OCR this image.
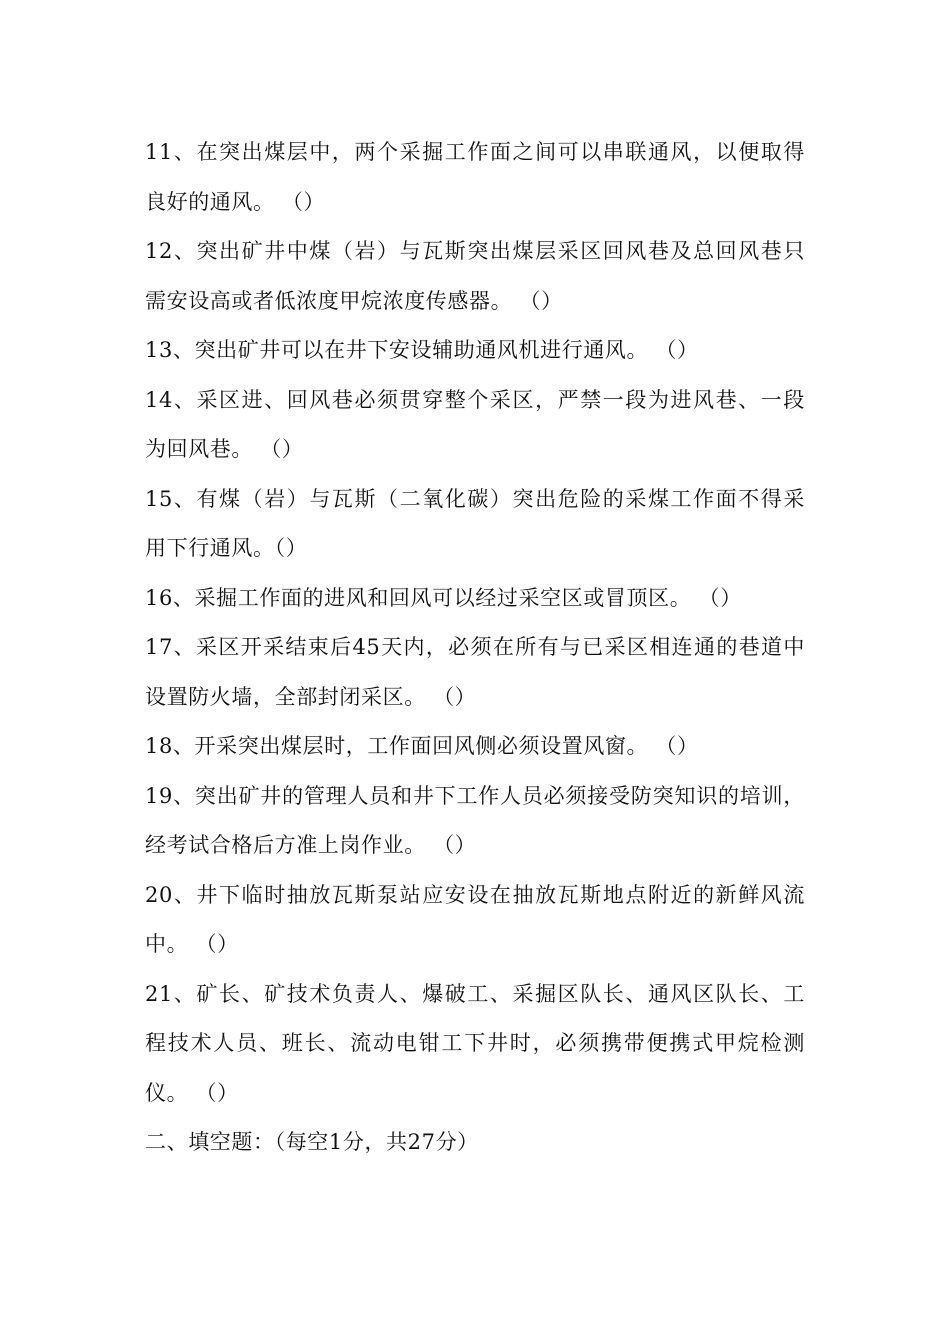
11、在突出煤层中，两个采掘工作面之间可以串联通风，以便取得
良好的通风。 （）
12、突出矿井中煤（岩）与瓦斯突出煤层采区回风巷及总回风巷只
需安设高或者低浓度甲烷浓度传感器。 （）
13、突出矿井可以在井下安设辅助通风机进行通风。 （）
14、采区进、回风巷必须贯穿整个采区，严禁一段为进风巷、一段
为回风巷。 （）
15、有煤（岩）与瓦斯（二氧化碳）突出危险的采煤工作面不得采
用下行通风。（）
16、采掘工作面的进风和回风可以经过采空区或冒顶区。 （）
17、采区开采结束后45天内，必须在所有与已采区相连通的巷道中
设置防火墙，全部封闭采区。 （）
18、开采突出煤层时，工作面回风侧必须设置风窗。 （）
19、突出矿井的管理人员和井下工作人员必须接受防突知识的培训，
经考试合格后方准上岗作业。 （）
20、井下临时抽放瓦斯泵站应安设在抽放瓦斯地点附近的新鲜风流
中。 （）
21、矿长、矿技术负责人、爆破工、采掘区队长、通风区队长、工
程技术人员、班长、流动电钳工下井时，必须携带便携式甲烷检测
仪。 （）
二、填空题：（每空1分，共27分）
